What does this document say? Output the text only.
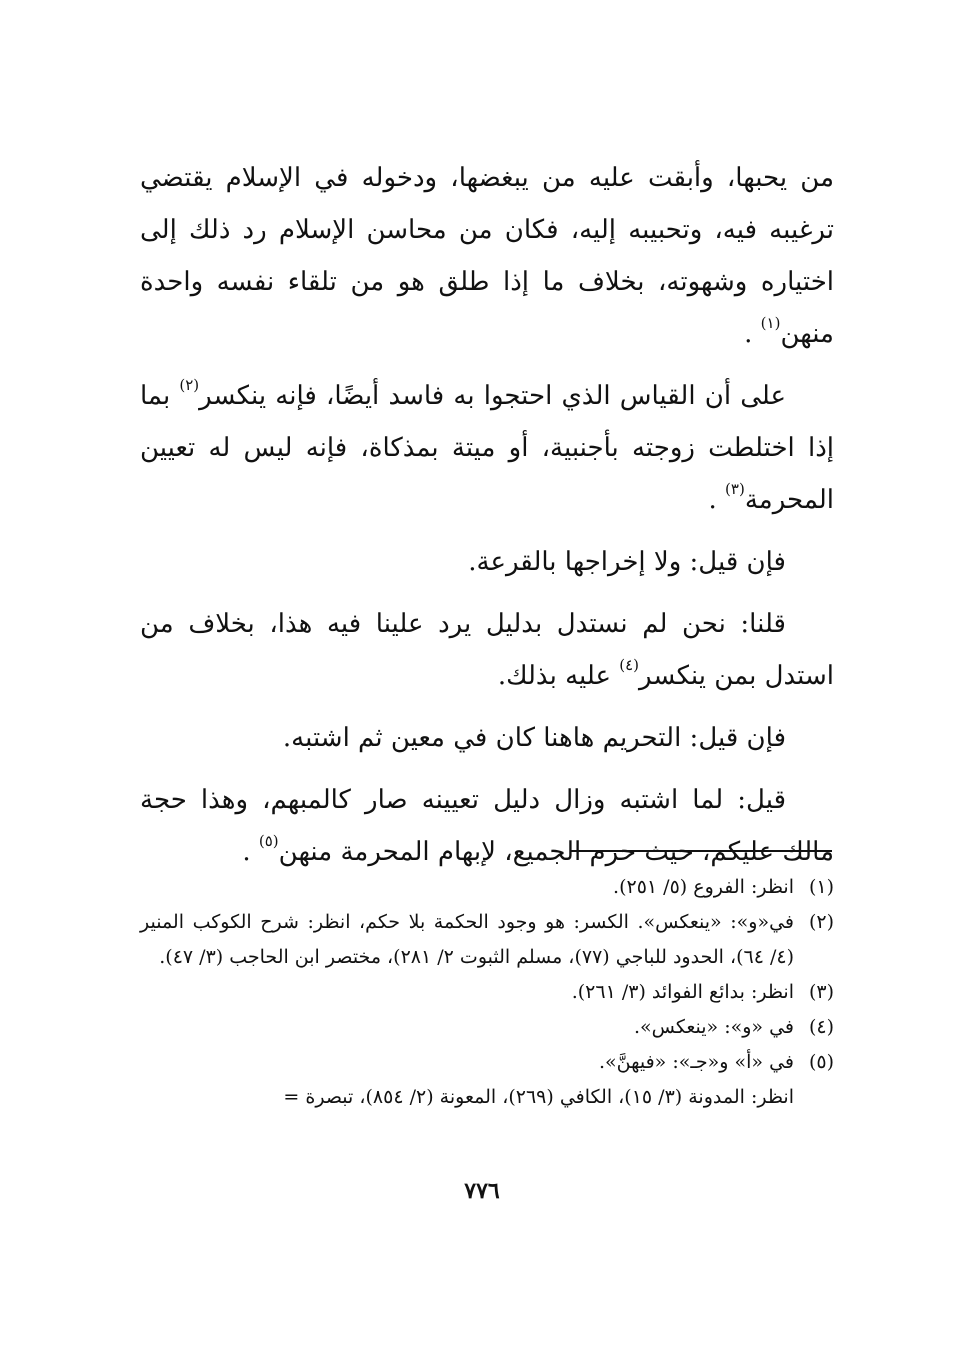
من يحبها، وأبقت عليه من يبغضها، ودخوله في الإسلام يقتضي ترغيبه فيه، وتحبيبه إليه، فكان من محاسن الإسلام رد ذلك إلى اختياره وشهوته، بخلاف ما إذا طلق هو من تلقاء نفسه واحدة منهن$^{(١)}$ .

على أن القياس الذي احتجوا به فاسد أيضًا، فإنه ينكسر$^{(٢)}$ بما إذا اختلطت زوجته بأجنبية، أو ميتة بمذكاة، فإنه ليس له تعيين المحرمة$^{(٣)}$ .

فإن قيل: ولا إخراجها بالقرعة.

قلنا: نحن لم نستدل بدليل يرد علينا فيه هذا، بخلاف من استدل بمن ينكسر$^{(٤)}$ عليه بذلك.

فإن قيل: التحريم هاهنا كان في معين ثم اشتبه.

قيل: لما اشتبه وزال دليل تعيينه صار كالمبهم، وهذا حجة مالك عليكم، حيث حرم الجميع، لإبهام المحرمة منهن$^{(٥)}$ .

(١)
انظر: الفروع (٥/ ٢٥١).
(٢)
في«و»: «ينعكس». الكسر: هو وجود الحكمة بلا حكم، انظر: شرح الكوكب المنير (٤/ ٦٤)، الحدود للباجي (٧٧)، مسلم الثبوت ٢/ ٢٨١)، مختصر ابن الحاجب (٣/ ٤٧).
(٣)
انظر: بدائع الفوائد (٣/ ٢٦١).
(٤)
في «و»: «ينعكس».
(٥)
في «أ» و«جـ»: «فيهنَّ».
انظر: المدونة (٣/ ١٥)، الكافي (٢٦٩)، المعونة (٢/ ٨٥٤)، تبصرة =
٧٧٦
